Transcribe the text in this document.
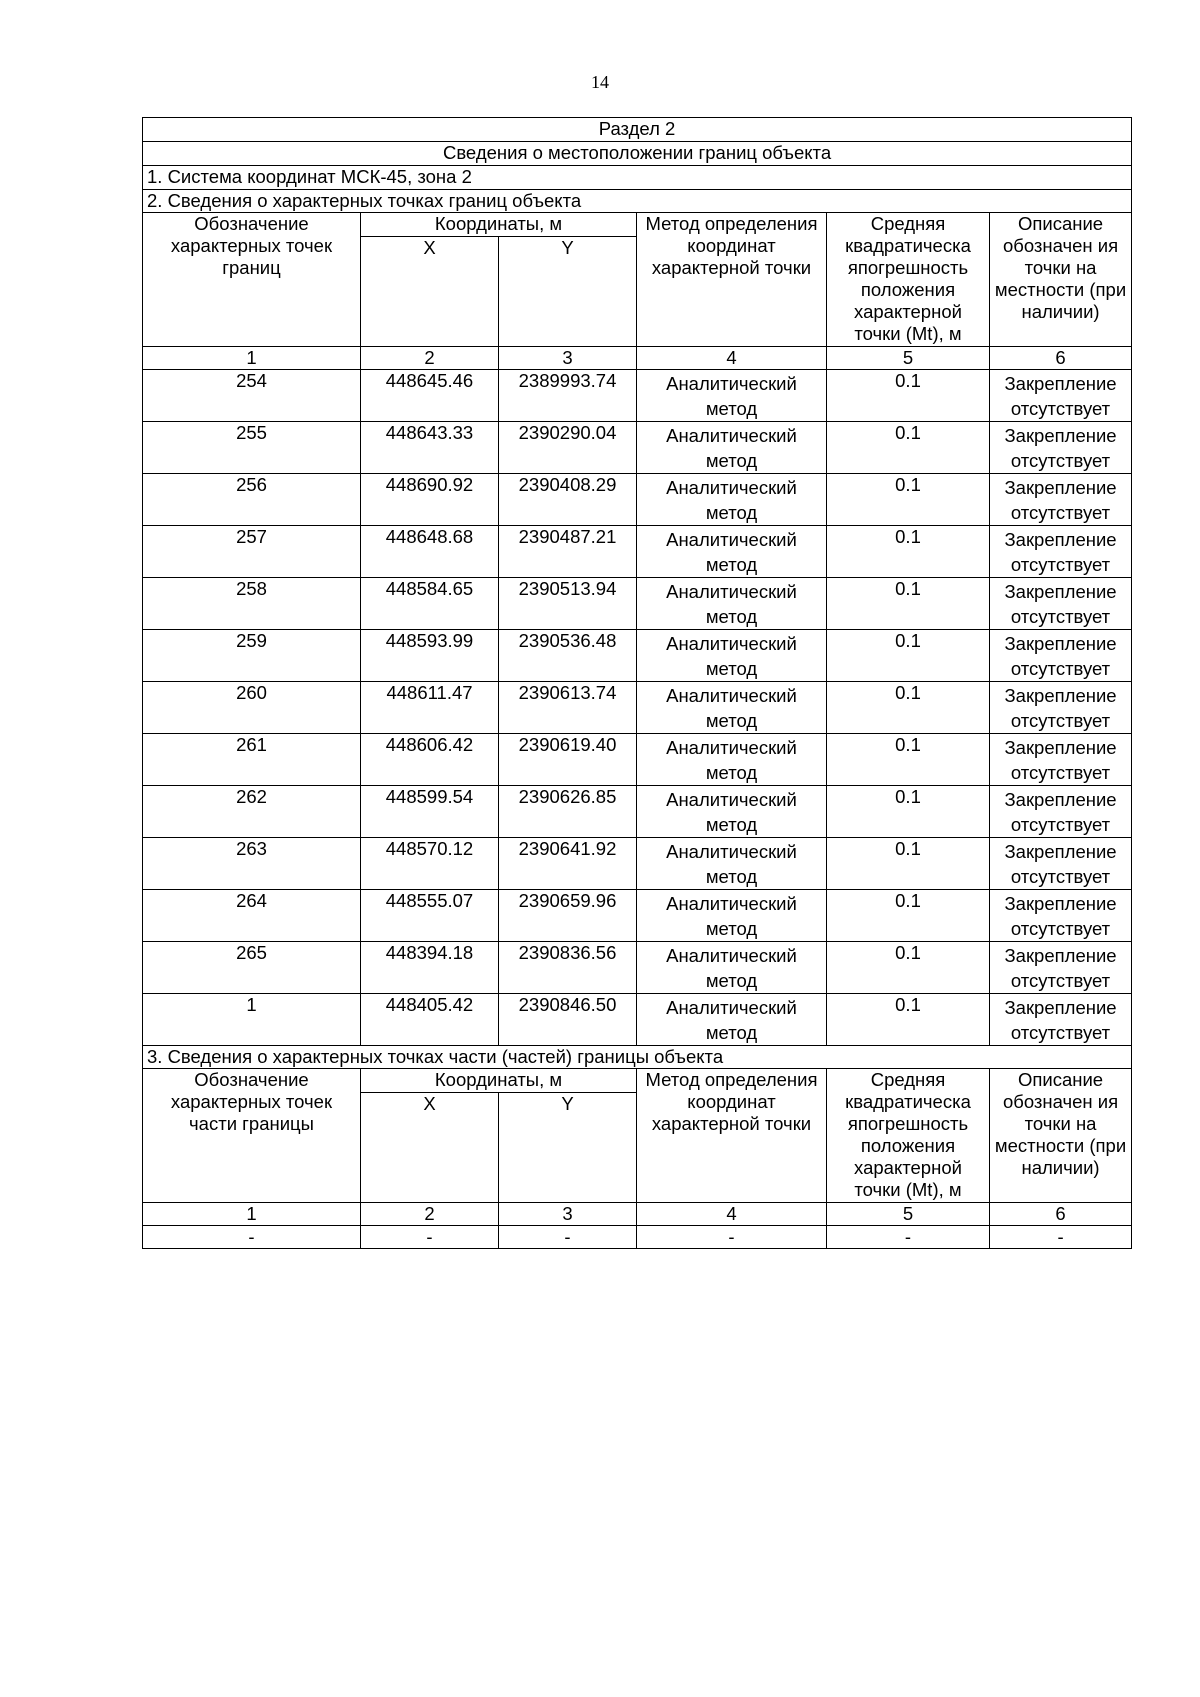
14
Раздел 2					
Сведения о местоположении границ объекта					
1. Система координат МСК-45, зона 2					
2. Сведения о характерных точках границ объекта					
Обозначение характерных точек границ	Координаты, м		Метод определения координат характерной точки	Средняя квадратическа япогрешность положения характерной точки (Mt), м	Описание обозначен ия точки на местности (при наличии)
	X	Y			
1	2	3	4	5	6
254	448645.46	2389993.74	Аналитический метод	0.1	Закрепление отсутствует
255	448643.33	2390290.04	Аналитический метод	0.1	Закрепление отсутствует
256	448690.92	2390408.29	Аналитический метод	0.1	Закрепление отсутствует
257	448648.68	2390487.21	Аналитический метод	0.1	Закрепление отсутствует
258	448584.65	2390513.94	Аналитический метод	0.1	Закрепление отсутствует
259	448593.99	2390536.48	Аналитический метод	0.1	Закрепление отсутствует
260	448611.47	2390613.74	Аналитический метод	0.1	Закрепление отсутствует
261	448606.42	2390619.40	Аналитический метод	0.1	Закрепление отсутствует
262	448599.54	2390626.85	Аналитический метод	0.1	Закрепление отсутствует
263	448570.12	2390641.92	Аналитический метод	0.1	Закрепление отсутствует
264	448555.07	2390659.96	Аналитический метод	0.1	Закрепление отсутствует
265	448394.18	2390836.56	Аналитический метод	0.1	Закрепление отсутствует
1	448405.42	2390846.50	Аналитический метод	0.1	Закрепление отсутствует
3. Сведения о характерных точках части (частей) границы объекта					
Обозначение характерных точек части границы	Координаты, м		Метод определения координат характерной точки	Средняя квадратическа япогрешность положения характерной точки (Mt), м	Описание обозначен ия точки на местности (при наличии)
	X	Y			
1	2	3	4	5	6
-	-	-	-	-	-
